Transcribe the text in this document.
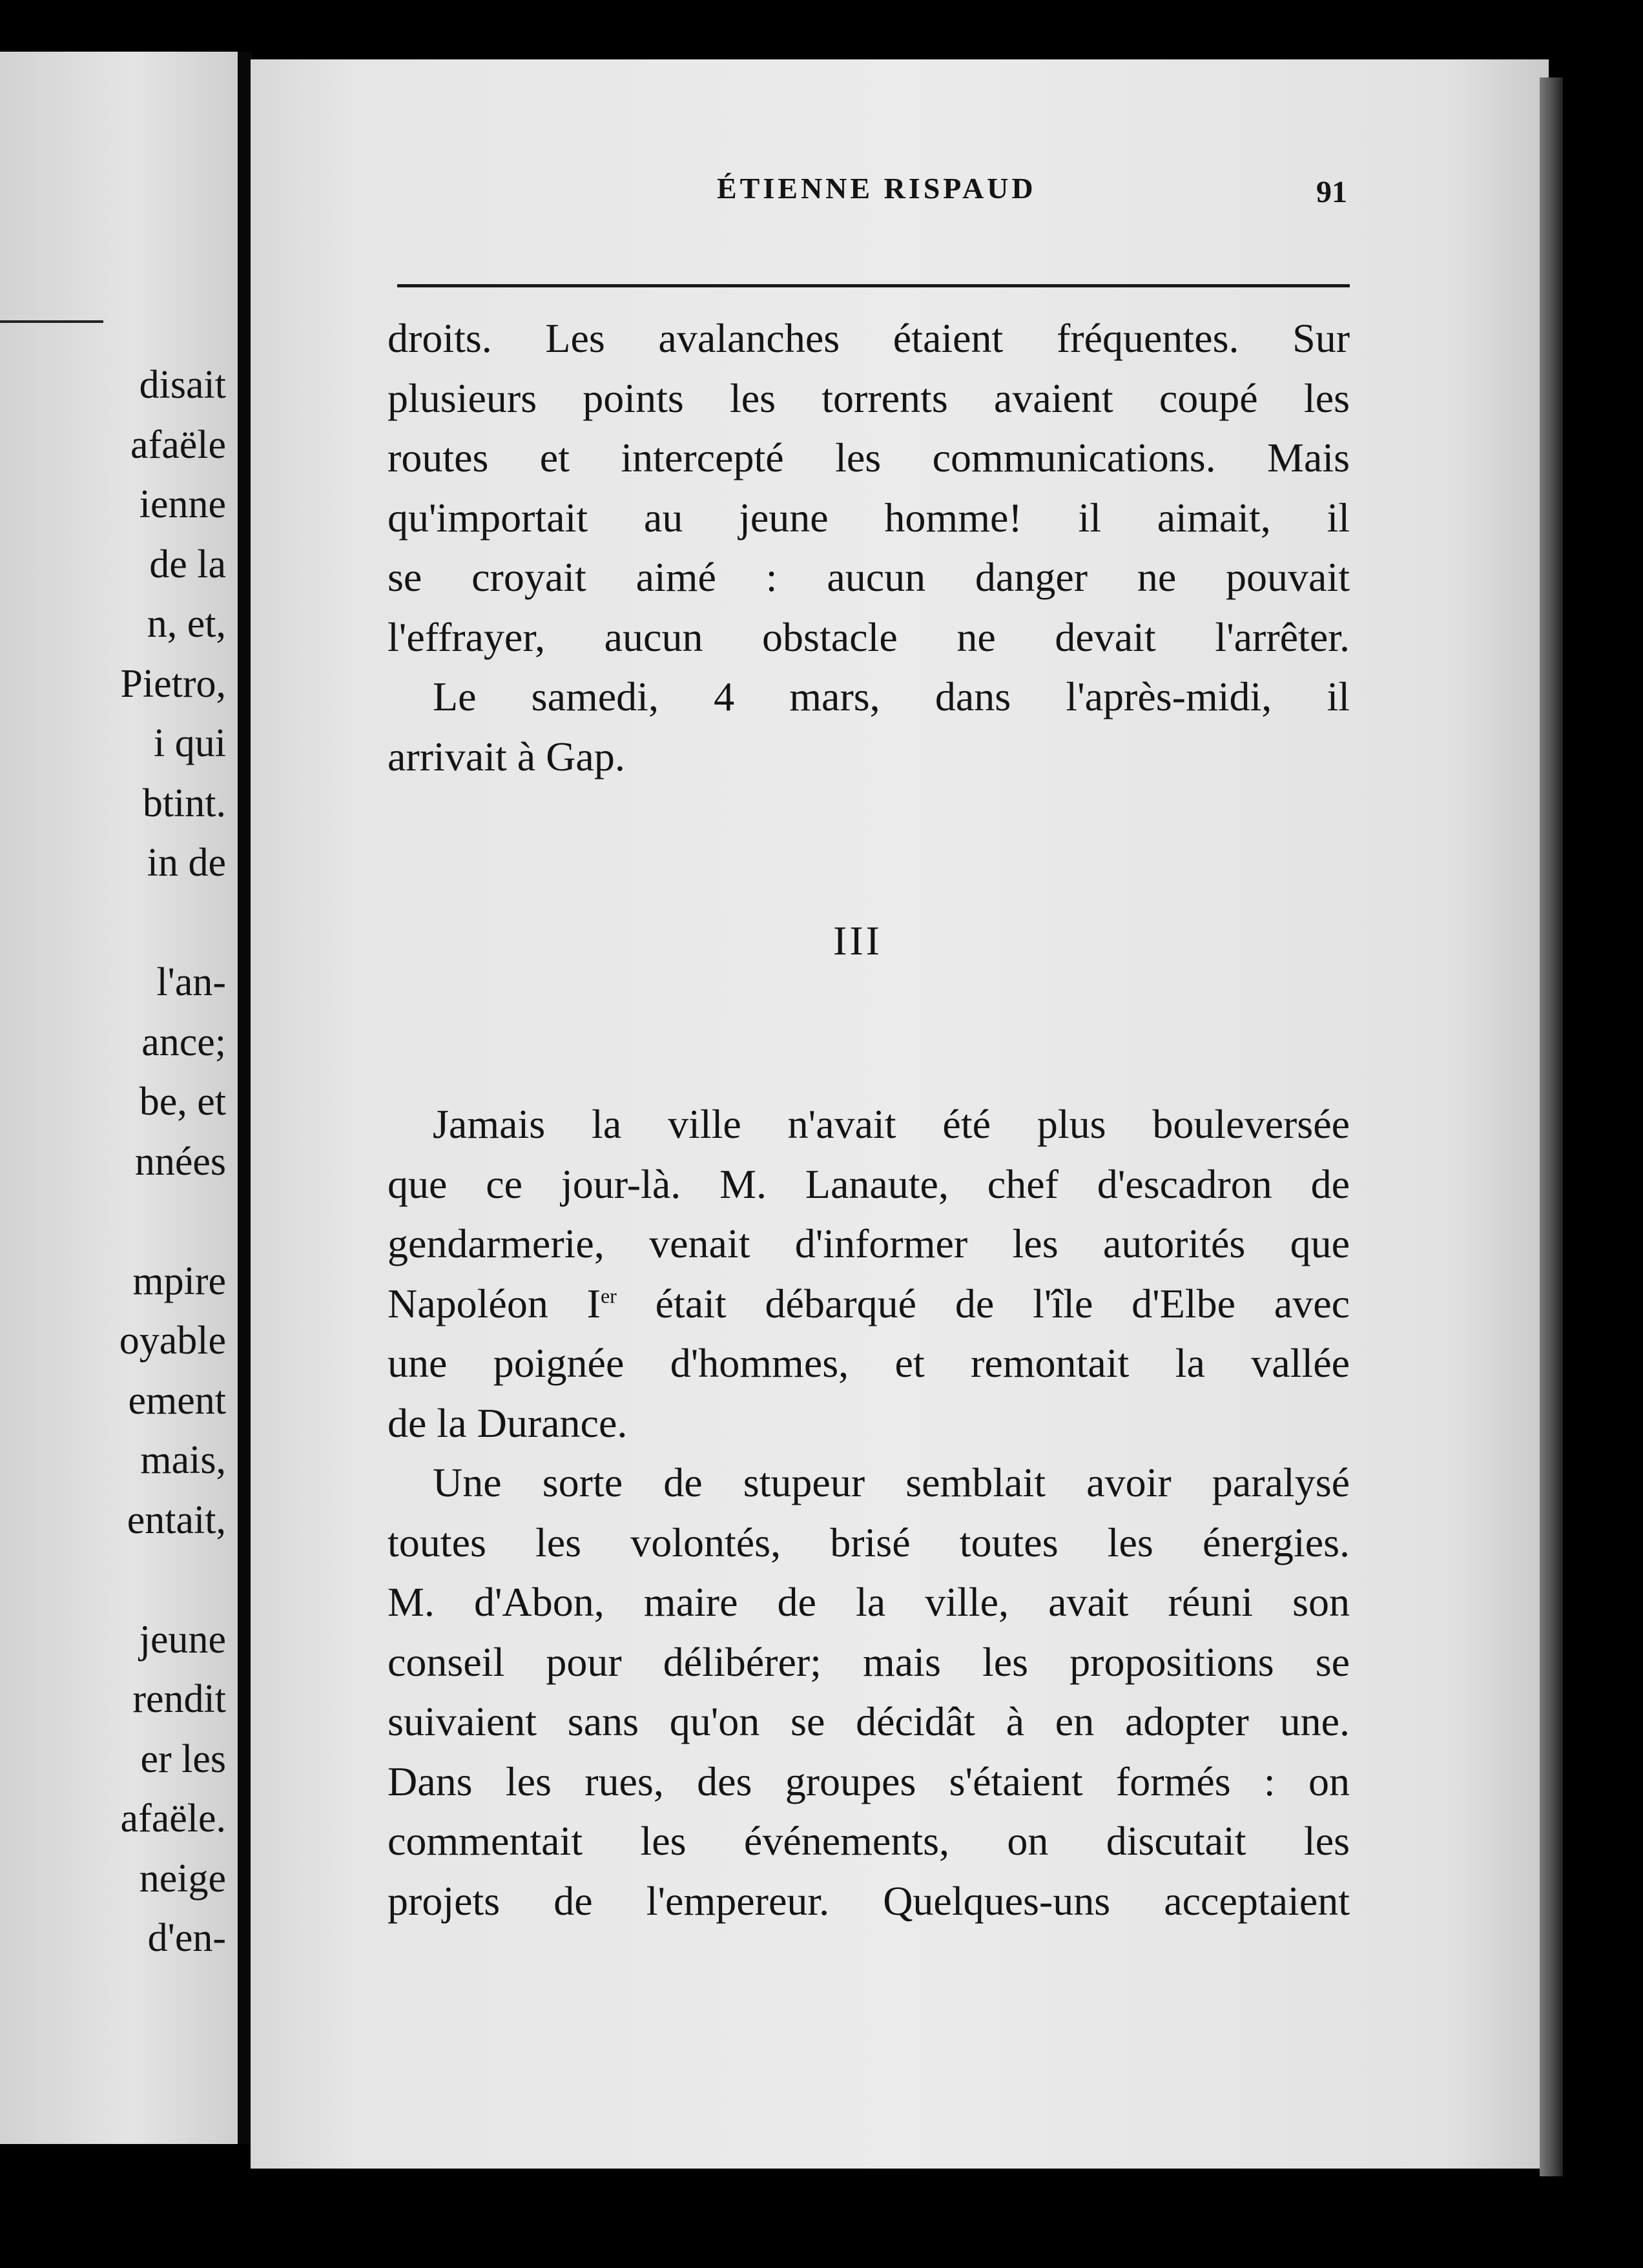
disait
afaële
ienne
de la
n, et,
Pietro,
i qui
btint.
in de
l'an-
ance;
be, et
nnées
mpire
oyable
ement
mais,
entait,
jeune
rendit
er les
afaële.
neige
d'en-
ÉTIENNE RISPAUD	91
droits. Les avalanches étaient fréquentes. Sur
plusieurs points les torrents avaient coupé les
routes et intercepté les communications. Mais
qu'importait au jeune homme! il aimait, il
se croyait aimé : aucun danger ne pouvait
l'effrayer, aucun obstacle ne devait l'arrêter.
Le samedi, 4 mars, dans l'après-midi, il
arrivait à Gap.
III
Jamais la ville n'avait été plus bouleversée
que ce jour-là. M. Lanaute, chef d'escadron de
gendarmerie, venait d'informer les autorités que
Napoléon Ier était débarqué de l'île d'Elbe avec
une poignée d'hommes, et remontait la vallée
de la Durance.
Une sorte de stupeur semblait avoir paralysé
toutes les volontés, brisé toutes les énergies.
M. d'Abon, maire de la ville, avait réuni son
conseil pour délibérer; mais les propositions se
suivaient sans qu'on se décidât à en adopter une.
Dans les rues, des groupes s'étaient formés : on
commentait les événements, on discutait les
projets de l'empereur. Quelques-uns acceptaient
